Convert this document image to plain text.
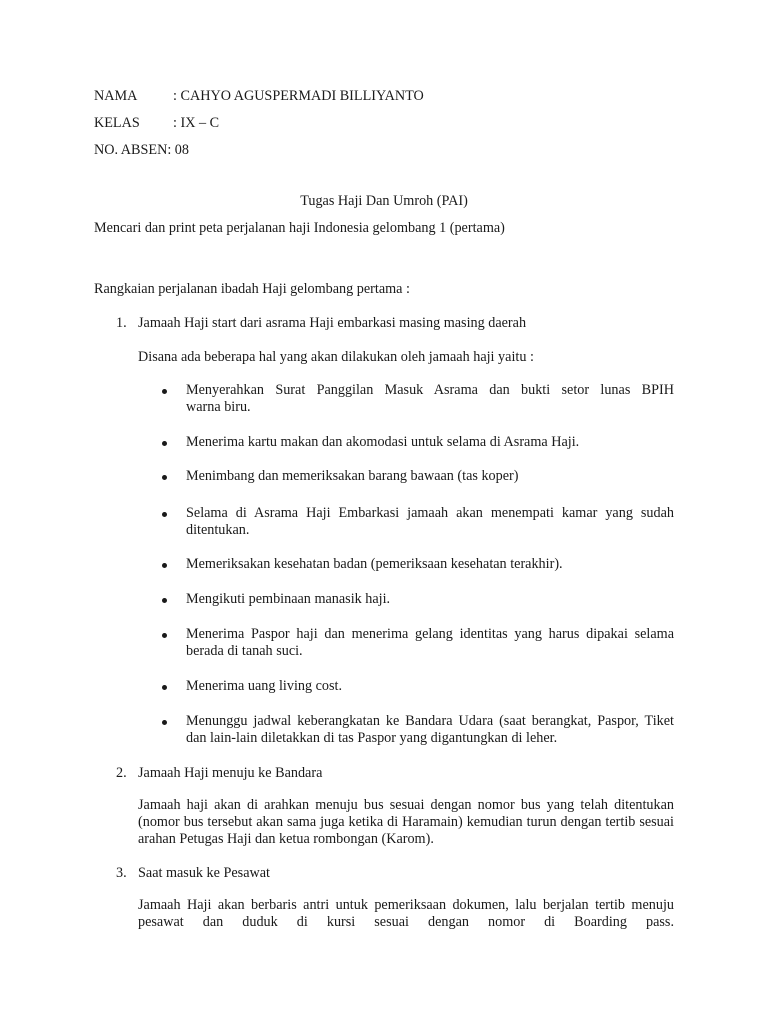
NAMA	: CAHYO AGUSPERMADI BILLIYANTO
KELAS : IX – C
NO. ABSEN: 08
Tugas Haji Dan Umroh (PAI)
Mencari dan print peta perjalanan haji Indonesia gelombang 1 (pertama)
Rangkaian perjalanan ibadah Haji gelombang pertama :
1. Jamaah Haji start dari asrama Haji embarkasi masing masing daerah
Disana ada beberapa hal yang akan dilakukan oleh jamaah haji yaitu :
Menyerahkan Surat Panggilan Masuk Asrama dan bukti setor lunas BPIH
warna biru.
Menerima kartu makan dan akomodasi untuk selama di Asrama Haji.
Menimbang dan memeriksakan barang bawaan (tas koper)
Selama di Asrama Haji Embarkasi jamaah akan menempati kamar yang sudah ditentukan.
Memeriksakan kesehatan badan (pemeriksaan kesehatan terakhir).
Mengikuti pembinaan manasik haji.
Menerima Paspor haji dan menerima gelang identitas yang harus dipakai selama berada di tanah suci.
Menerima uang living cost.
Menunggu jadwal keberangkatan ke Bandara Udara (saat berangkat, Paspor, Tiket dan lain-lain diletakkan di tas Paspor yang digantungkan di leher.
2. Jamaah Haji menuju ke Bandara
Jamaah haji akan di arahkan menuju bus sesuai dengan nomor bus yang telah ditentukan (nomor bus tersebut akan sama juga ketika di Haramain) kemudian turun dengan tertib sesuai arahan Petugas Haji dan ketua rombongan (Karom).
3. Saat masuk ke Pesawat
Jamaah Haji akan berbaris antri untuk pemeriksaan dokumen, lalu berjalan tertib menuju pesawat dan duduk di kursi sesuai dengan nomor di Boarding pass.
